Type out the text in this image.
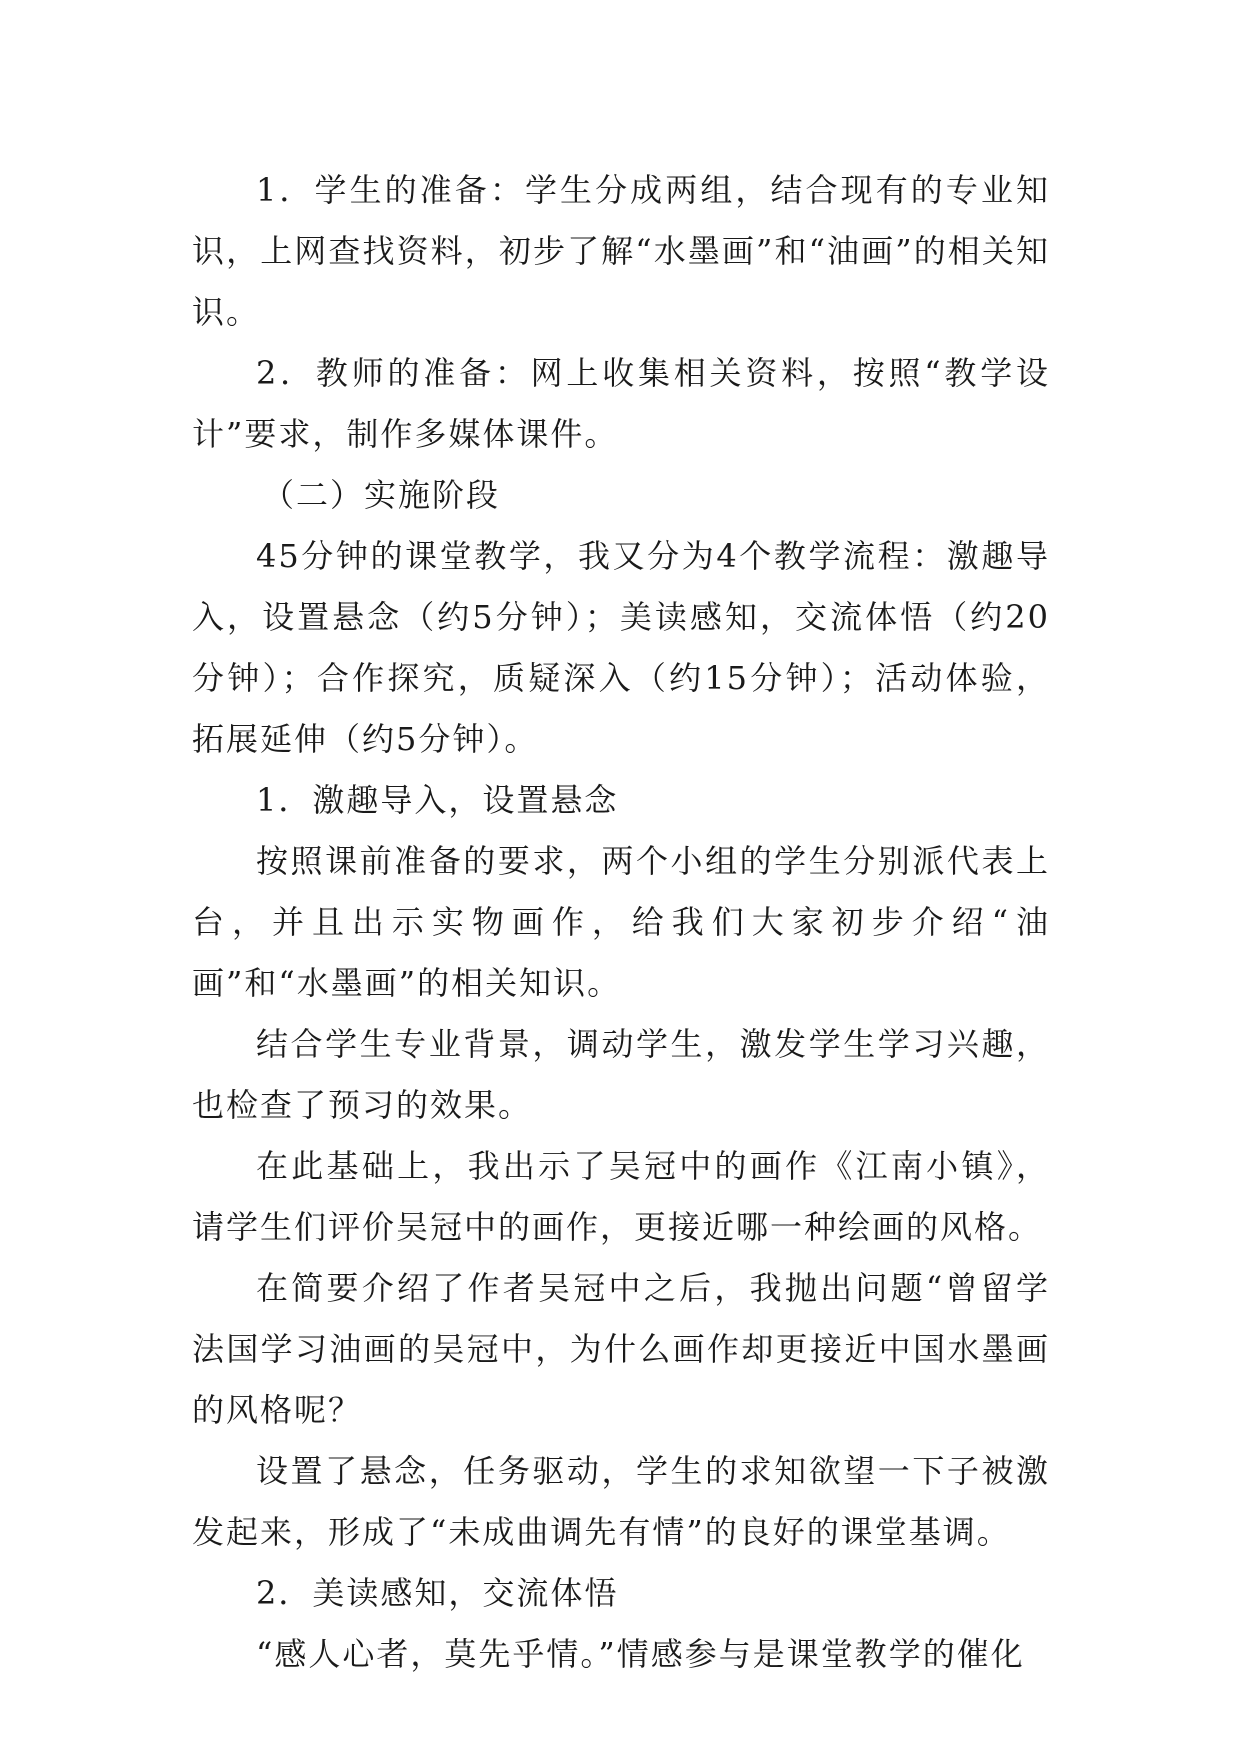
1．学生的准备：学生分成两组，结合现有的专业知识，上网查找资料，初步了解“水墨画”和“油画”的相关知识。

2．教师的准备：网上收集相关资料，按照“教学设计”要求，制作多媒体课件。

（二）实施阶段

45分钟的课堂教学，我又分为4个教学流程：激趣导入，设置悬念（约5分钟）；美读感知，交流体悟（约20分钟）；合作探究，质疑深入（约15分钟）；活动体验，拓展延伸（约5分钟）。

1．激趣导入，设置悬念

按照课前准备的要求，两个小组的学生分别派代表上台，并且出示实物画作，给我们大家初步介绍“油画”和“水墨画”的相关知识。

结合学生专业背景，调动学生，激发学生学习兴趣，也检查了预习的效果。

在此基础上，我出示了吴冠中的画作《江南小镇》，请学生们评价吴冠中的画作，更接近哪一种绘画的风格。

在简要介绍了作者吴冠中之后，我抛出问题“曾留学法国学习油画的吴冠中，为什么画作却更接近中国水墨画的风格呢？

设置了悬念，任务驱动，学生的求知欲望一下子被激发起来，形成了“未成曲调先有情”的良好的课堂基调。

2．美读感知，交流体悟

“感人心者，莫先乎情。”情感参与是课堂教学的催化
